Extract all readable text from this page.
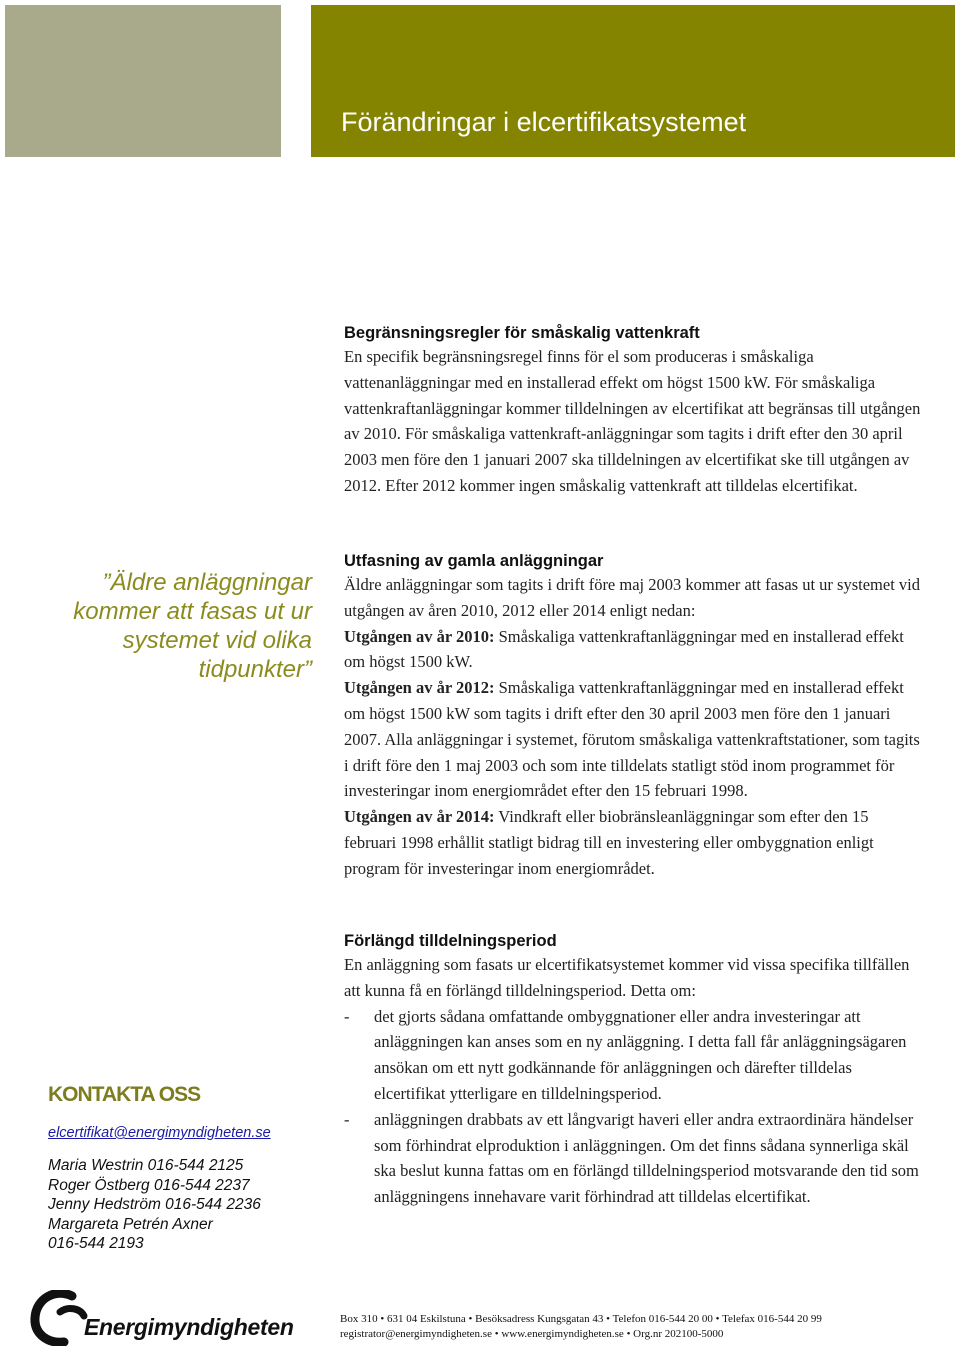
Förändringar i elcertifikatsystemet
Begränsningsregler för småskalig vattenkraft

En specifik begränsningsregel finns för el som produceras i småskaliga vattenanläggningar med en installerad effekt om högst 1500 kW. För småskaliga vattenkraftanläggningar kommer tilldelningen av elcertifikat att begränsas till utgången av 2010. För småskaliga vattenkraft-anläggningar som tagits i drift efter den 30 april 2003 men före den 1 januari 2007 ska tilldelningen av elcertifikat ske till utgången av 2012. Efter 2012 kommer ingen småskalig vattenkraft att tilldelas elcertifikat.

Utfasning av gamla anläggningar

Äldre anläggningar som tagits i drift före maj 2003 kommer att fasas ut ur systemet vid utgången av åren 2010, 2012 eller 2014 enligt nedan:

Utgången av år 2010: Småskaliga vattenkraftanläggningar med en installerad effekt om högst 1500 kW.

Utgången av år 2012: Småskaliga vattenkraftanläggningar med en installerad effekt om högst 1500 kW som tagits i drift efter den 30 april 2003 men före den 1 januari 2007. Alla anläggningar i systemet, förutom småskaliga vattenkraftstationer, som tagits i drift före den 1 maj 2003 och som inte tilldelats statligt stöd inom programmet för investeringar inom energiområdet efter den 15 februari 1998.

Utgången av år 2014: Vindkraft eller biobränsleanläggningar som efter den 15 februari 1998 erhållit statligt bidrag till en investering eller ombyggnation enligt program för investeringar inom energiområdet.

Förlängd tilldelningsperiod

En anläggning som fasats ur elcertifikatsystemet kommer vid vissa specifika tillfällen att kunna få en förlängd tilldelningsperiod. Detta om:

- det gjorts sådana omfattande ombyggnationer eller andra investeringar att anläggningen kan anses som en ny anläggning. I detta fall får anläggningsägaren ansökan om ett nytt godkännande för anläggningen och därefter tilldelas elcertifikat ytterligare en tilldelningsperiod.
- anläggningen drabbats av ett långvarigt haveri eller andra extraordinära händelser som förhindrat elproduktion i anläggningen. Om det finns sådana synnerliga skäl ska beslut kunna fattas om en förlängd tilldelningsperiod motsvarande den tid som anläggningens innehavare varit förhindrad att tilldelas elcertifikat.
”Äldre anläggningar kommer att fasas ut ur systemet vid olika tidpunkter”
KONTAKTA OSS
elcertifikat@energimyndigheten.se
Maria Westrin 016-544 2125
Roger Östberg 016-544 2237
Jenny Hedström 016-544 2236
Margareta Petrén Axner
016-544 2193
Energimyndigheten	Box 310 • 631 04 Eskilstuna • Besöksadress Kungsgatan 43 • Telefon 016-544 20 00 • Telefax 016-544 20 99
registrator@energimyndigheten.se • www.energimyndigheten.se • Org.nr 202100-5000
